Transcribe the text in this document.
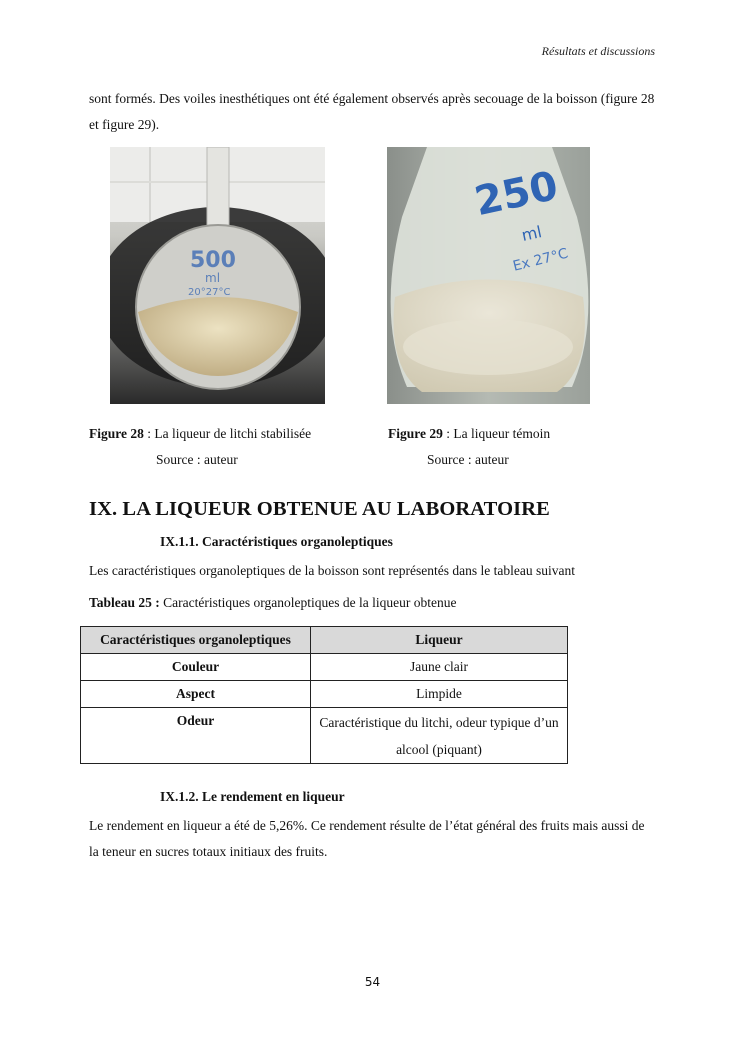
Résultats et discussions
sont formés. Des voiles inesthétiques ont été également observés après secouage de la boisson (figure 28 et figure 29).
500
ml
20°27°C
250
ml
Ex 27°C
Figure 28 : La liqueur de litchi stabilisée
Source : auteur
Figure 29 : La liqueur témoin
Source : auteur
IX. LA LIQUEUR OBTENUE AU LABORATOIRE
IX.1.1. Caractéristiques organoleptiques
Les caractéristiques organoleptiques de la boisson sont représentés dans le tableau suivant
Tableau 25 : Caractéristiques organoleptiques de la liqueur obtenue
Caractéristiques organoleptiques	Liqueur
Couleur	Jaune clair
Aspect	Limpide
Odeur	Caractéristique du litchi, odeur typique d’un alcool (piquant)
IX.1.2. Le rendement en liqueur
Le rendement en liqueur a été de 5,26%. Ce rendement résulte de l’état général des fruits mais aussi de la teneur en sucres totaux initiaux des fruits.
54
